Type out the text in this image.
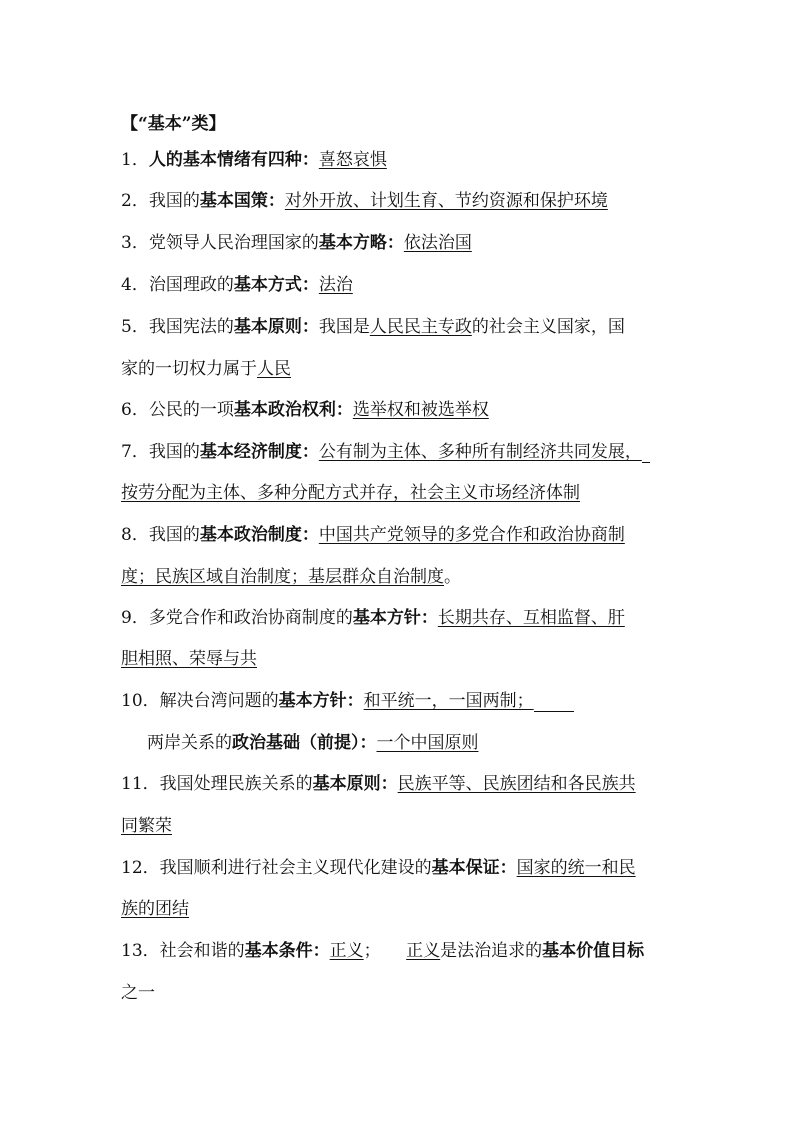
【“基本”类】
1．人的基本情绪有四种：喜怒哀惧
2．我国的基本国策：对外开放、计划生育、节约资源和保护环境
3．党领导人民治理国家的基本方略：依法治国
4．治国理政的基本方式：法治
5．我国宪法的基本原则：我国是人民民主专政的社会主义国家，国
家的一切权力属于人民
6．公民的一项基本政治权利：选举权和被选举权
7．我国的基本经济制度：公有制为主体、多种所有制经济共同发展，
按劳分配为主体、多种分配方式并存，社会主义市场经济体制
8．我国的基本政治制度：中国共产党领导的多党合作和政治协商制
度；民族区域自治制度；基层群众自治制度。
9．多党合作和政治协商制度的基本方针：长期共存、互相监督、肝
胆相照、荣辱与共
10．解决台湾问题的基本方针：和平统一，一国两制；
两岸关系的政治基础（前提）：一个中国原则
11．我国处理民族关系的基本原则：民族平等、民族团结和各民族共
同繁荣
12．我国顺利进行社会主义现代化建设的基本保证：国家的统一和民
族的团结
13．社会和谐的基本条件：正义；　　正义是法治追求的基本价值目标
之一
